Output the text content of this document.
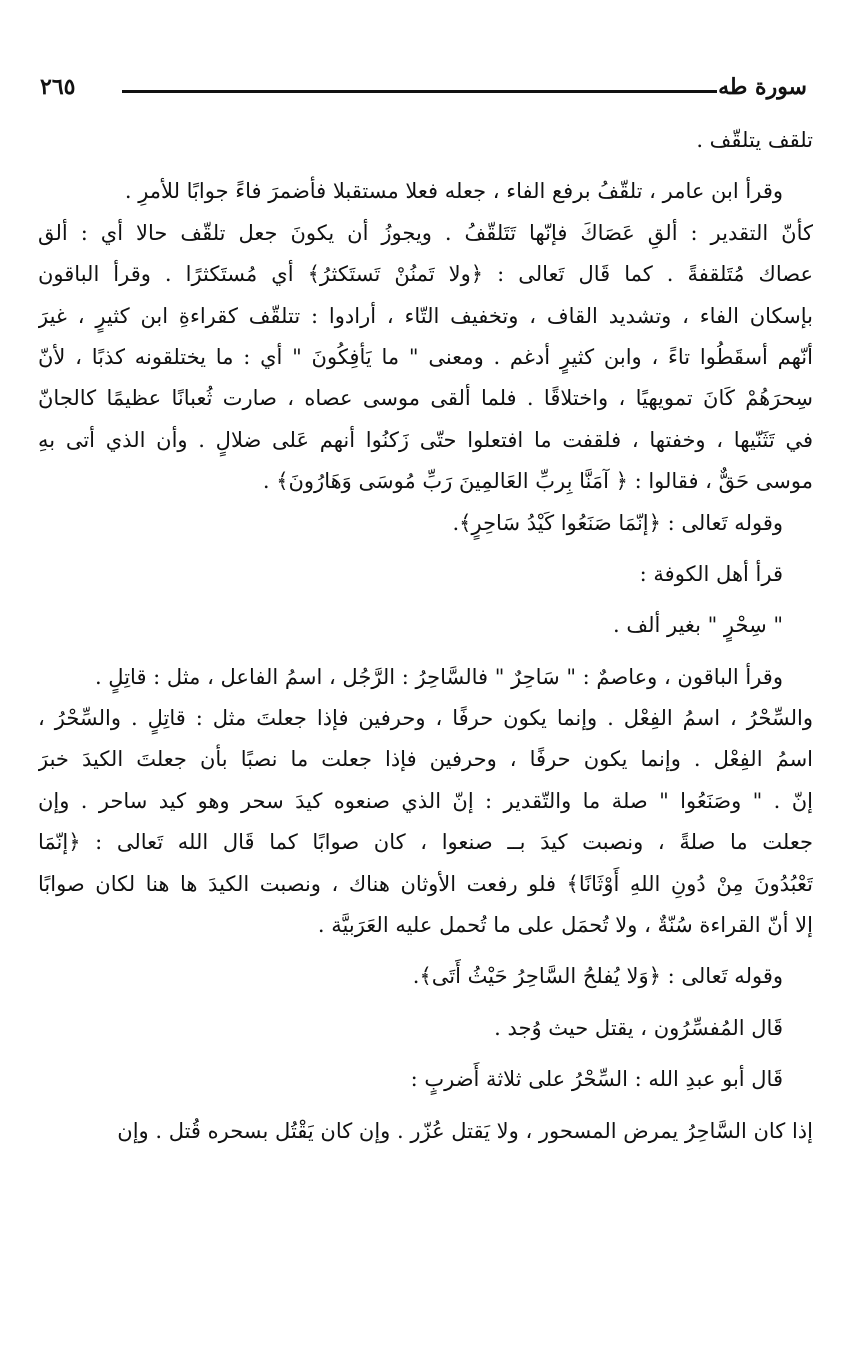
سورة طه
٢٦٥
تلقف يتلقّف .
وقرأ ابن عامر ، تلقّفُ برفع الفاء ، جعله فعلا مستقبلا فأضمرَ فاءً جوابًا للأمرِ .
كأنّ التقدير : ألقِ عَصَاكَ فإنّها تَتَلقّفُ . ويجوزُ أن يكونَ جعل تلقّف حالا أي : ألق
عصاك مُتَلقفةً . كما قَال تَعالى : ﴿ولا تَمنُنْ تَستَكثرُ﴾ أي مُستَكثرًا . وقرأ الباقون
بإسكان الفاء ، وتشديد القاف ، وتخفيف التّاء ، أرادوا : تتلقّف كقراءةِ ابن كثيرٍ ، غيرَ
أنّهم أسقَطُوا تاءً ، وابن كثيرٍ أدغم . ومعنى " ما يَأفِكُونَ " أي : ما يختلقونه كذبًا ، لأنّ
سِحرَهُمْ كَانَ تمويهيًا ، واختلاقًا . فلما ألقى موسى عصاه ، صارت ثُعبانًا عظيمًا كالجانّ
في تَثَنّيها ، وخفتها ، فلقفت ما افتعلوا حتّى زَكنُوا أنهم عَلى ضلالٍ . وأن الذي أتى بهِ
موسى حَقٌّ ، فقالوا : ﴿ آمَنَّا بِربِّ العَالمِينَ رَبِّ مُوسَى وَهَارُونَ﴾ .
وقوله تَعالى : ﴿إنّمَا صَنَعُوا كَيْدُ سَاحِرٍ﴾.
قرأ أهل الكوفة :
" سِحْرٍ " بغير ألف .
وقرأ الباقون ، وعاصمٌ : " سَاحِرٌ " فالسَّاحِرُ : الرَّجُل ، اسمُ الفاعل ، مثل : قاتِلٍ .
والسِّحْرُ ، اسمُ الفِعْل . وإنما يكون حرفًا ، وحرفين فإذا جعلتَ مثل : قاتِلٍ . والسِّحْرُ ،
اسمُ الفِعْل . وإنما يكون حرفًا ، وحرفين فإذا جعلت ما نصبًا بأن جعلتَ الكيدَ خبرَ
إنّ . " وصَنَعُوا " صلة ما والتّقدير : إنّ الذي صنعوه كيدَ سحر وهو كيد ساحر . وإن
جعلت ما صلةً ، ونصبت كيدَ بــ صنعوا ، كان صوابًا كما قَال الله تَعالى : ﴿إنّمَا
تَعْبُدُونَ مِنْ دُونِ اللهِ أَوْثَانًا﴾ فلو رفعت الأوثان هناك ، ونصبت الكيدَ ها هنا لكان صوابًا
إلا أنّ القراءة سُنّةٌ ، ولا تُحمَل على ما تُحمل عليه العَرَبيَّة .
وقوله تَعالى : ﴿وَلا يُفلحُ السَّاحِرُ حَيْثُ أَتَى﴾.
قَال المُفسِّرُون ، يقتل حيث وُجد .
قَال أبو عبدِ الله : السِّحْرُ على ثلاثة أَضربٍ :
إذا كان السَّاحِرُ يمرض المسحور ، ولا يَقتل عُزّر . وإن كان يَقْتُل بسحره قُتل . وإن
